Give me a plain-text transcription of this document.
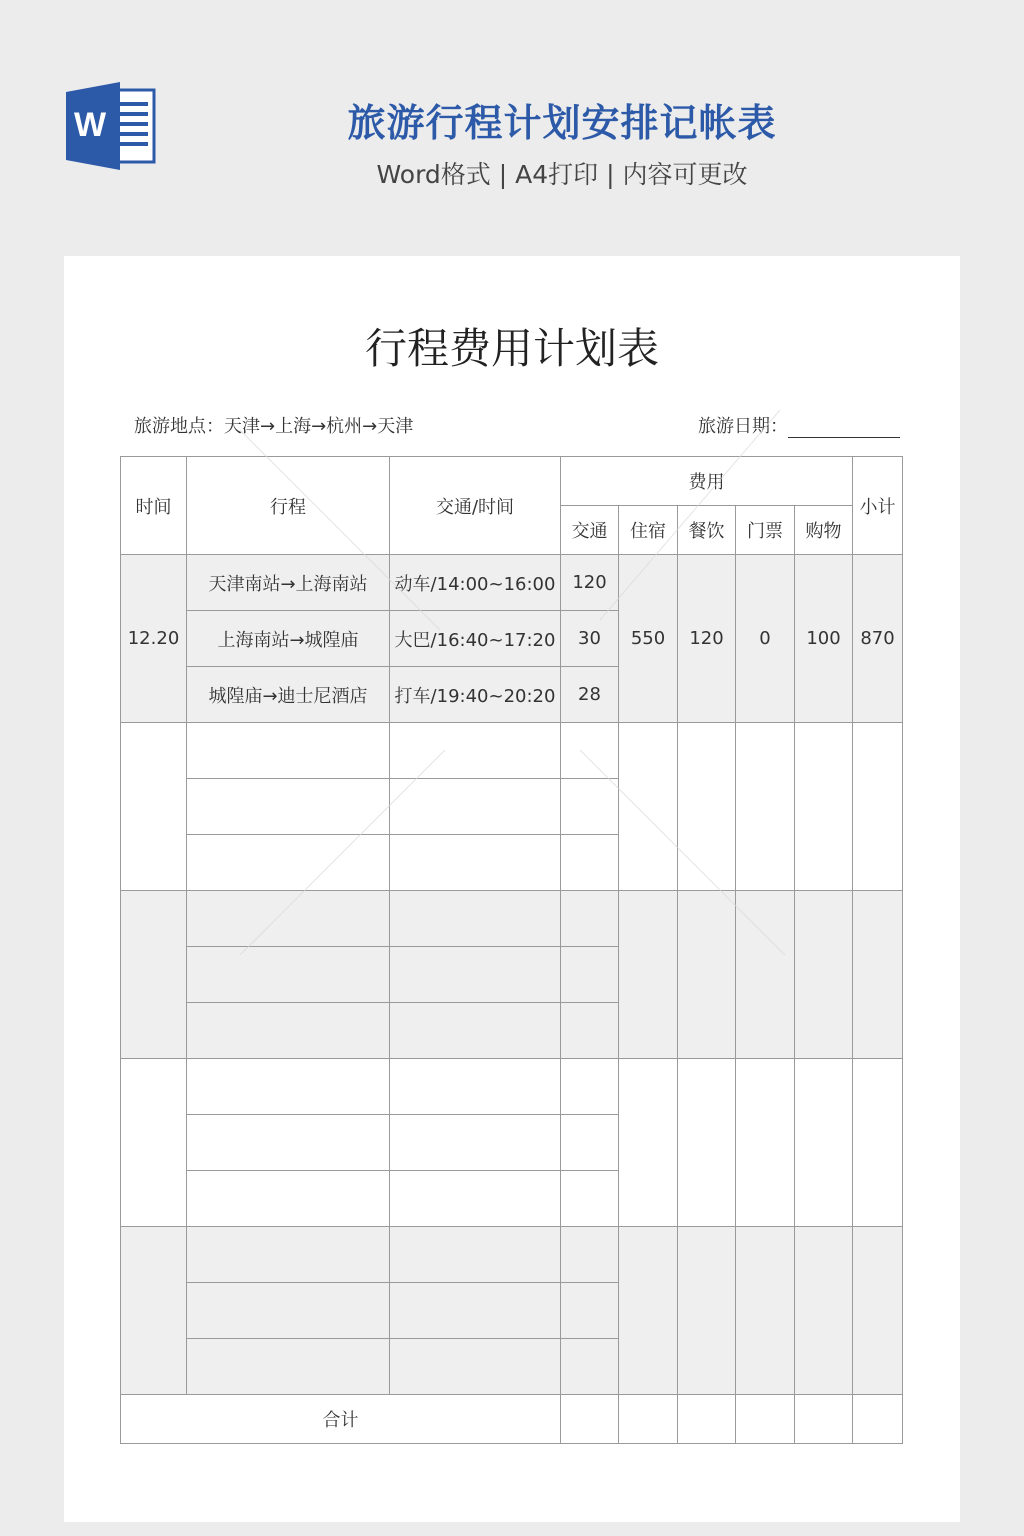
W	旅游行程计划安排记帐表
Word格式 | A4打印 | 内容可更改
行程费用计划表
旅游地点：天津→上海→杭州→天津	旅游日期：
时间	行程	交通/时间	费用					小计
			交通	住宿	餐饮	门票	购物	
12.20	天津南站→上海南站	动车/14:00~16:00	120	550	120	0	100	870
	上海南站→城隍庙	大巴/16:40~17:20	30					
	城隍庙→迪士尼酒店	打车/19:40~20:20	28					

合计								
